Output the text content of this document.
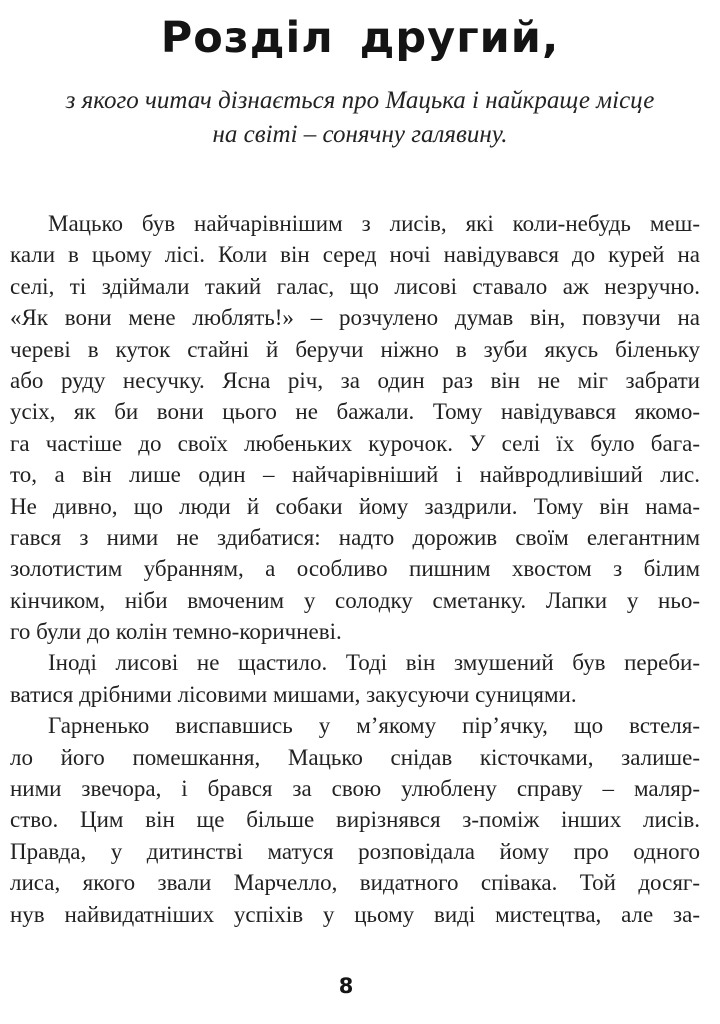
Розділ другий,
з якого читач дізнається про Мацька і найкраще місце
на світі – сонячну галявину.
Мацько був найчарівнішим з лисів, які коли-небудь меш-
кали в цьому лісі. Коли він серед ночі навідувався до курей на
селі, ті здіймали такий галас, що лисові ставало аж незручно.
«Як вони мене люблять!» – розчулено думав він, повзучи на
череві в куток стайні й беручи ніжно в зуби якусь біленьку
або руду несучку. Ясна річ, за один раз він не міг забрати
усіх, як би вони цього не бажали. Тому навідувався якомо-
га частіше до своїх любеньких курочок. У селі їх було бага-
то, а він лише один – найчарівніший і найвродливіший лис.
Не дивно, що люди й собаки йому заздрили. Тому він нама-
гався з ними не здибатися: надто дорожив своїм елегантним
золотистим убранням, а особливо пишним хвостом з білим
кінчиком, ніби вмоченим у солодку сметанку. Лапки у ньо-
го були до колін темно-коричневі.
Іноді лисові не щастило. Тоді він змушений був переби-
ватися дрібними лісовими мишами, закусуючи суницями.
Гарненько виспавшись у м’якому пір’ячку, що встеля-
ло його помешкання, Мацько снідав кісточками, залише-
ними звечора, і брався за свою улюблену справу – маляр-
ство. Цим він ще більше вирізнявся з-поміж інших лисів.
Правда, у дитинстві матуся розповідала йому про одного
лиса, якого звали Марчелло, видатного співака. Той досяг-
нув найвидатніших успіхів у цьому виді мистецтва, але за-
8
